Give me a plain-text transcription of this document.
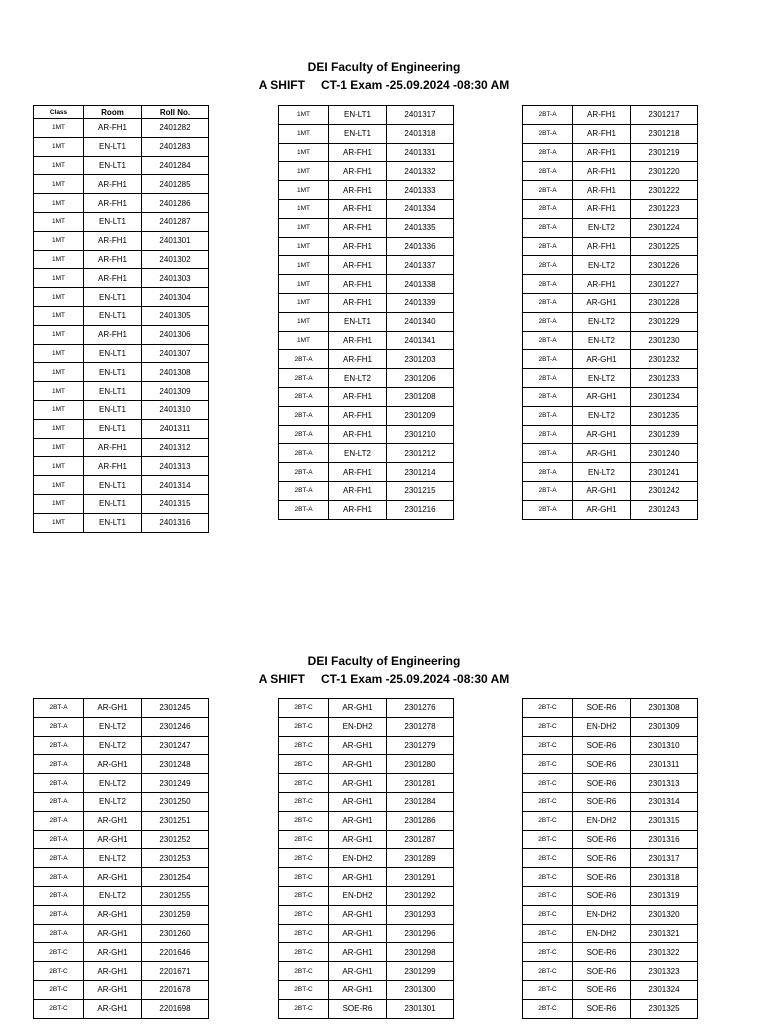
DEI Faculty of Engineering
A SHIFT CT-1 Exam -25.09.2024 -08:30 AM
Class	Room	Roll No.
1MT	AR-FH1	2401282
1MT	EN-LT1	2401283
1MT	EN-LT1	2401284
1MT	AR-FH1	2401285
1MT	AR-FH1	2401286
1MT	EN-LT1	2401287
1MT	AR-FH1	2401301
1MT	AR-FH1	2401302
1MT	AR-FH1	2401303
1MT	EN-LT1	2401304
1MT	EN-LT1	2401305
1MT	AR-FH1	2401306
1MT	EN-LT1	2401307
1MT	EN-LT1	2401308
1MT	EN-LT1	2401309
1MT	EN-LT1	2401310
1MT	EN-LT1	2401311
1MT	AR-FH1	2401312
1MT	AR-FH1	2401313
1MT	EN-LT1	2401314
1MT	EN-LT1	2401315
1MT	EN-LT1	2401316
1MT	EN-LT1	2401317
1MT	EN-LT1	2401318
1MT	AR-FH1	2401331
1MT	AR-FH1	2401332
1MT	AR-FH1	2401333
1MT	AR-FH1	2401334
1MT	AR-FH1	2401335
1MT	AR-FH1	2401336
1MT	AR-FH1	2401337
1MT	AR-FH1	2401338
1MT	AR-FH1	2401339
1MT	EN-LT1	2401340
1MT	AR-FH1	2401341
2BT-A	AR-FH1	2301203
2BT-A	EN-LT2	2301206
2BT-A	AR-FH1	2301208
2BT-A	AR-FH1	2301209
2BT-A	AR-FH1	2301210
2BT-A	EN-LT2	2301212
2BT-A	AR-FH1	2301214
2BT-A	AR-FH1	2301215
2BT-A	AR-FH1	2301216
2BT-A	AR-FH1	2301217
2BT-A	AR-FH1	2301218
2BT-A	AR-FH1	2301219
2BT-A	AR-FH1	2301220
2BT-A	AR-FH1	2301222
2BT-A	AR-FH1	2301223
2BT-A	EN-LT2	2301224
2BT-A	AR-FH1	2301225
2BT-A	EN-LT2	2301226
2BT-A	AR-FH1	2301227
2BT-A	AR-GH1	2301228
2BT-A	EN-LT2	2301229
2BT-A	EN-LT2	2301230
2BT-A	AR-GH1	2301232
2BT-A	EN-LT2	2301233
2BT-A	AR-GH1	2301234
2BT-A	EN-LT2	2301235
2BT-A	AR-GH1	2301239
2BT-A	AR-GH1	2301240
2BT-A	EN-LT2	2301241
2BT-A	AR-GH1	2301242
2BT-A	AR-GH1	2301243
DEI Faculty of Engineering
A SHIFT CT-1 Exam -25.09.2024 -08:30 AM
2BT-A	AR-GH1	2301245
2BT-A	EN-LT2	2301246
2BT-A	EN-LT2	2301247
2BT-A	AR-GH1	2301248
2BT-A	EN-LT2	2301249
2BT-A	EN-LT2	2301250
2BT-A	AR-GH1	2301251
2BT-A	AR-GH1	2301252
2BT-A	EN-LT2	2301253
2BT-A	AR-GH1	2301254
2BT-A	EN-LT2	2301255
2BT-A	AR-GH1	2301259
2BT-A	AR-GH1	2301260
2BT-C	AR-GH1	2201646
2BT-C	AR-GH1	2201671
2BT-C	AR-GH1	2201678
2BT-C	AR-GH1	2201698
2BT-C	AR-GH1	2301276
2BT-C	EN-DH2	2301278
2BT-C	AR-GH1	2301279
2BT-C	AR-GH1	2301280
2BT-C	AR-GH1	2301281
2BT-C	AR-GH1	2301284
2BT-C	AR-GH1	2301286
2BT-C	AR-GH1	2301287
2BT-C	EN-DH2	2301289
2BT-C	AR-GH1	2301291
2BT-C	EN-DH2	2301292
2BT-C	AR-GH1	2301293
2BT-C	AR-GH1	2301296
2BT-C	AR-GH1	2301298
2BT-C	AR-GH1	2301299
2BT-C	AR-GH1	2301300
2BT-C	SOE-R6	2301301
2BT-C	SOE-R6	2301308
2BT-C	EN-DH2	2301309
2BT-C	SOE-R6	2301310
2BT-C	SOE-R6	2301311
2BT-C	SOE-R6	2301313
2BT-C	SOE-R6	2301314
2BT-C	EN-DH2	2301315
2BT-C	SOE-R6	2301316
2BT-C	SOE-R6	2301317
2BT-C	SOE-R6	2301318
2BT-C	SOE-R6	2301319
2BT-C	EN-DH2	2301320
2BT-C	EN-DH2	2301321
2BT-C	SOE-R6	2301322
2BT-C	SOE-R6	2301323
2BT-C	SOE-R6	2301324
2BT-C	SOE-R6	2301325
